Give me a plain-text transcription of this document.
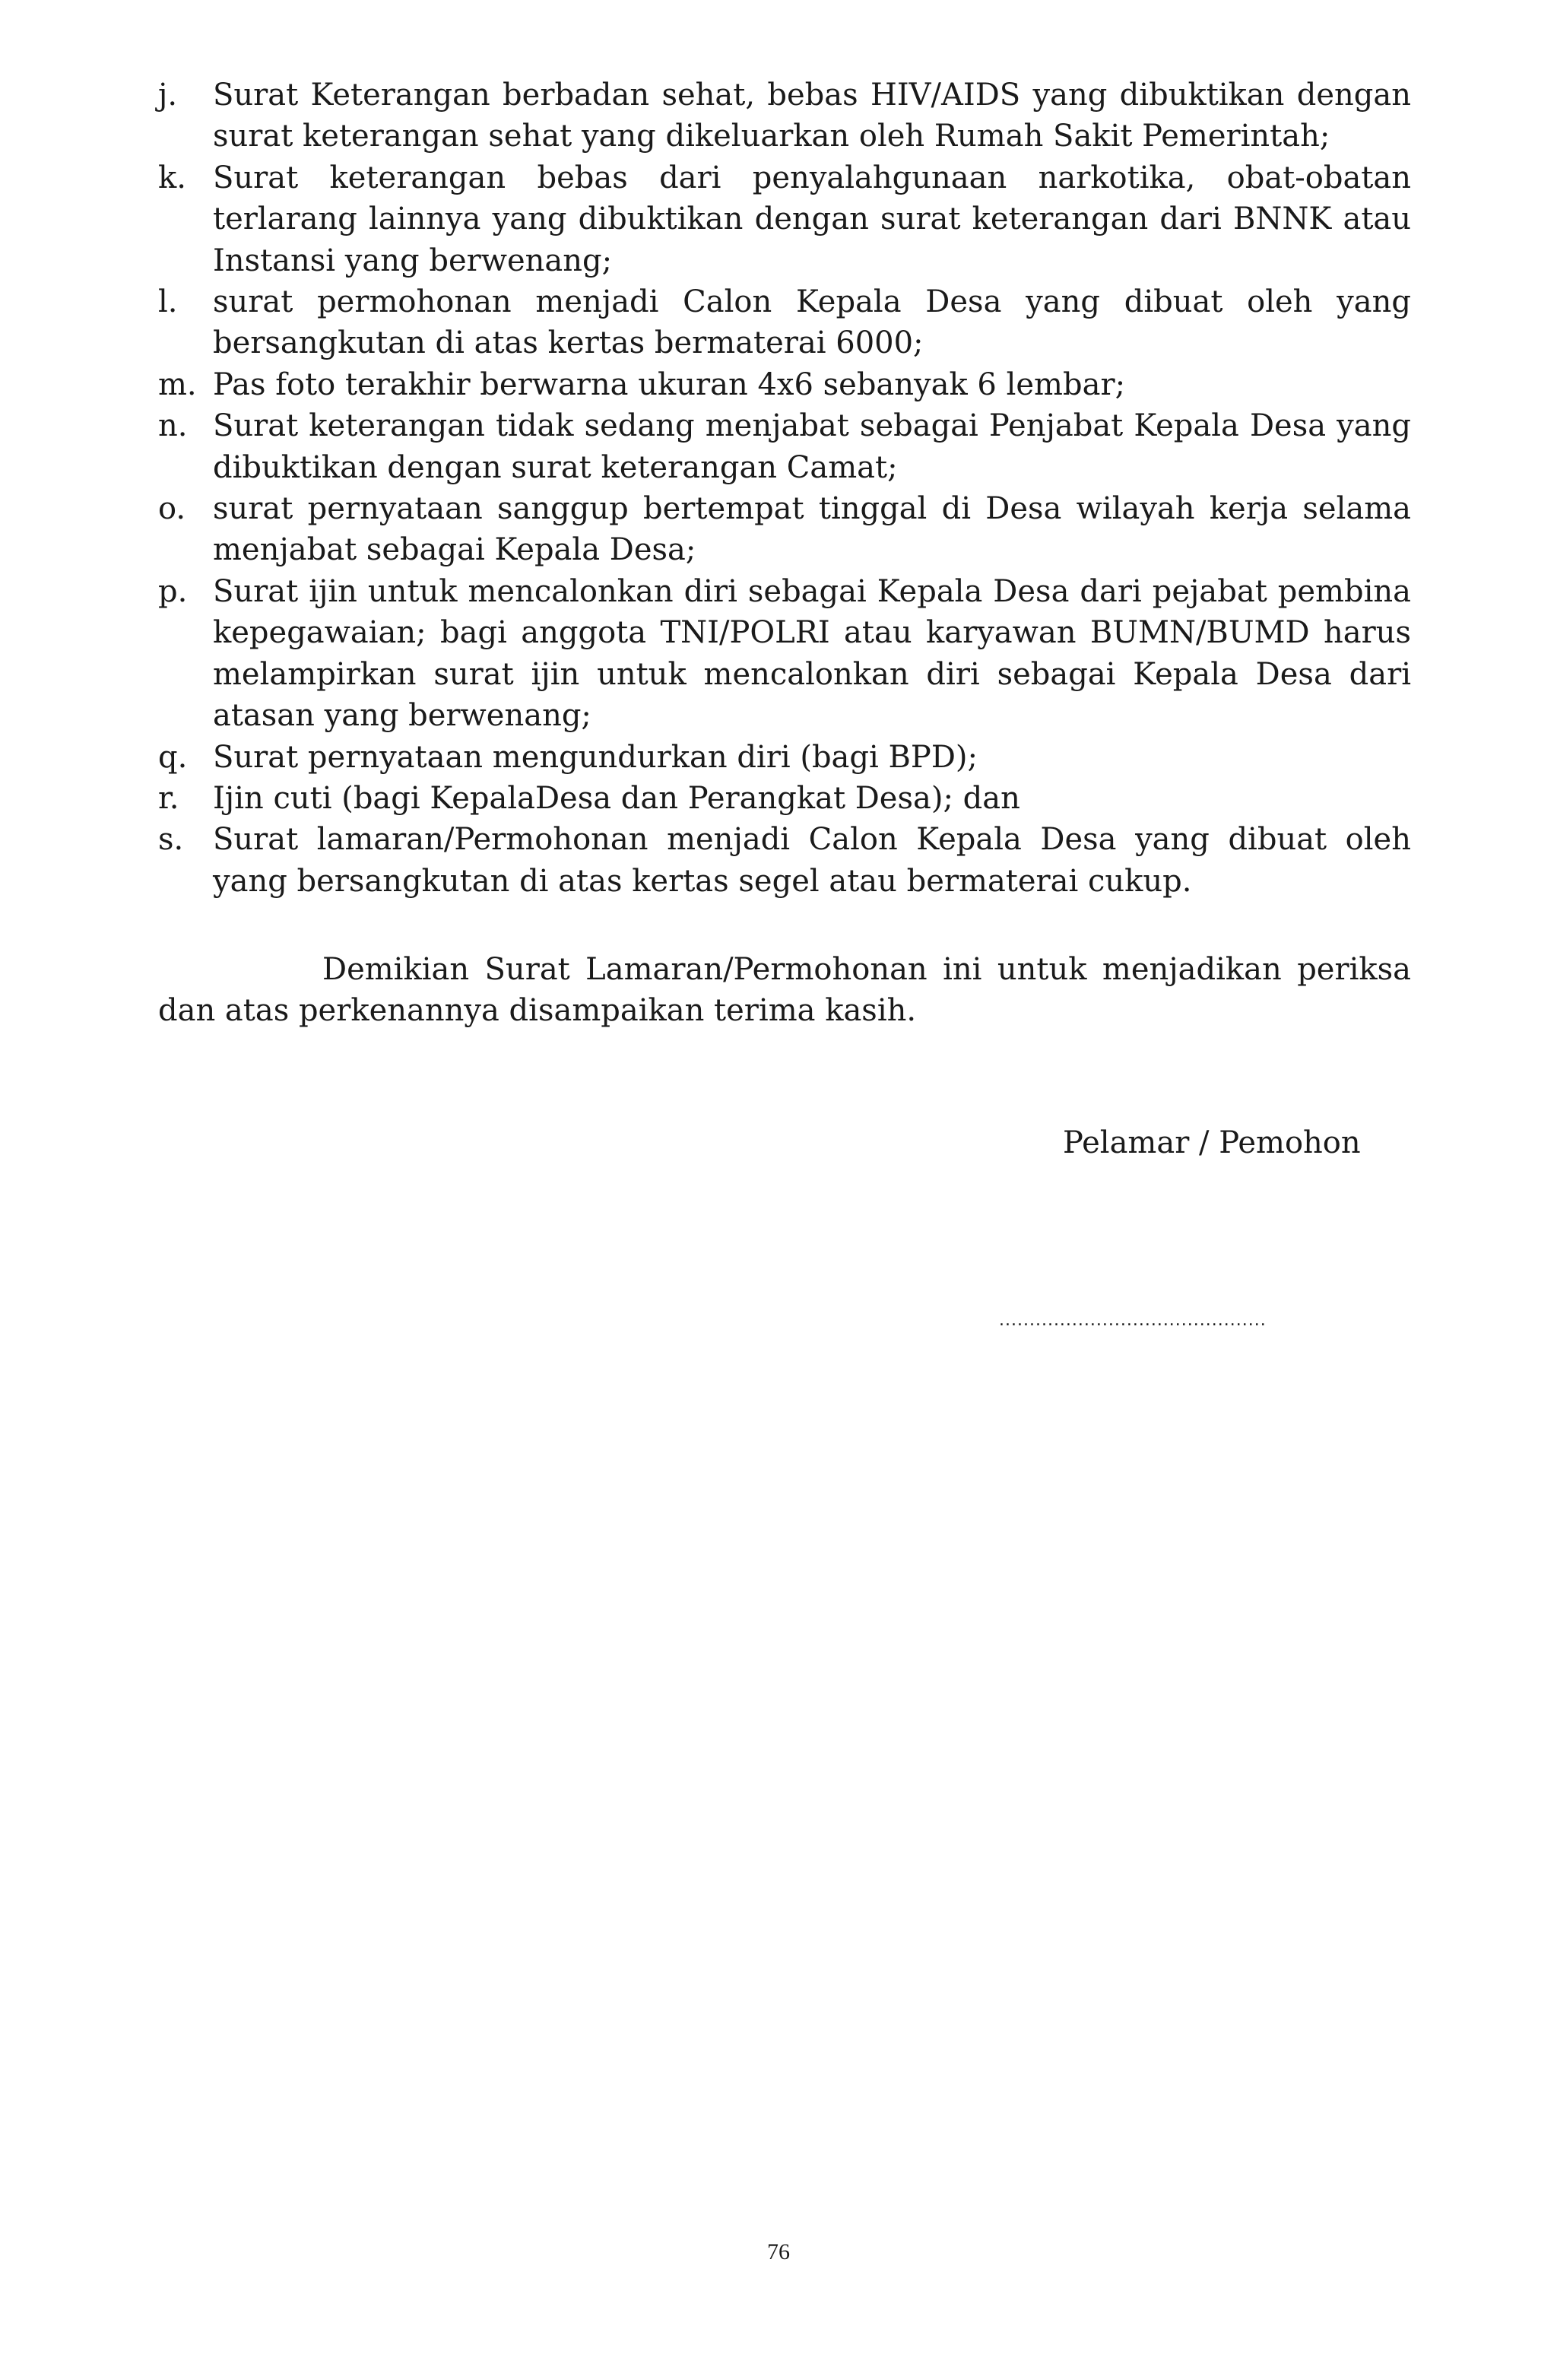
j.	Surat Keterangan berbadan sehat, bebas HIV/AIDS yang dibuktikan dengan surat keterangan sehat yang dikeluarkan oleh Rumah Sakit Pemerintah;
k. Surat keterangan bebas dari penyalahgunaan narkotika, obat-obatan terlarang lainnya yang dibuktikan dengan surat keterangan dari BNNK atau Instansi yang berwenang;
l.	surat permohonan menjadi Calon Kepala Desa yang dibuat oleh yang bersangkutan di atas kertas bermaterai 6000;
m. Pas foto terakhir berwarna ukuran 4x6 sebanyak 6 lembar;
n. Surat keterangan tidak sedang menjabat sebagai Penjabat Kepala Desa yang dibuktikan dengan surat keterangan Camat;
o. surat pernyataan sanggup bertempat tinggal di Desa wilayah kerja selama menjabat sebagai Kepala Desa;
p. Surat ijin untuk mencalonkan diri sebagai Kepala Desa dari pejabat pembina kepegawaian; bagi anggota TNI/POLRI atau karyawan BUMN/BUMD harus melampirkan surat ijin untuk mencalonkan diri sebagai Kepala Desa dari atasan yang berwenang;
q. Surat pernyataan mengundurkan diri (bagi BPD);
r.	Ijin cuti (bagi KepalaDesa dan Perangkat Desa); dan
s. Surat lamaran/Permohonan menjadi Calon Kepala Desa yang dibuat oleh yang bersangkutan di atas kertas segel atau bermaterai cukup.

Demikian Surat Lamaran/Permohonan ini untuk menjadikan periksa dan atas perkenannya disampaikan terima kasih.

Pelamar / Pemohon
............................................
76
